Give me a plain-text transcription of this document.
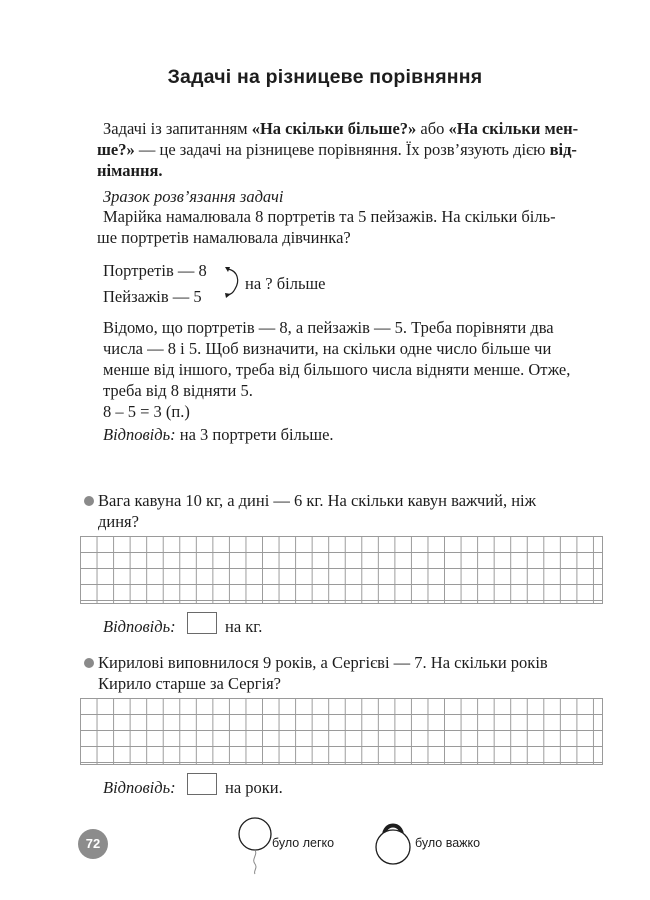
Задачі на різницеве порівняння
Задачі із запитанням «На скільки більше?» або «На скільки мен-
ше?» — це задачі на різницеве порівняння. Їх розв’язують дією від-
німання.
Зразок розв’язання задачі
Марійка намалювала 8 портретів та 5 пейзажів. На скільки біль-
ше портретів намалювала дівчинка?
Портретів — 8
Пейзажів — 5
на ? більше
Відомо, що портретів — 8, а пейзажів — 5. Треба порівняти два
числа — 8 і 5. Щоб визначити, на скільки одне число більше чи
менше від іншого, треба від більшого числа відняти менше. Отже,
треба від 8 відняти 5.
8 – 5 = 3 (п.)
Відповідь: на 3 портрети більше.
Вага кавуна 10 кг, а дині — 6 кг. На скільки кавун важчий, ніж
диня?
Відповідь:	на кг.
Кирилові виповнилося 9 років, а Сергієві — 7. На скільки років
Кирило старше за Сергія?
Відповідь:	на роки.
72	було легко	було важко
